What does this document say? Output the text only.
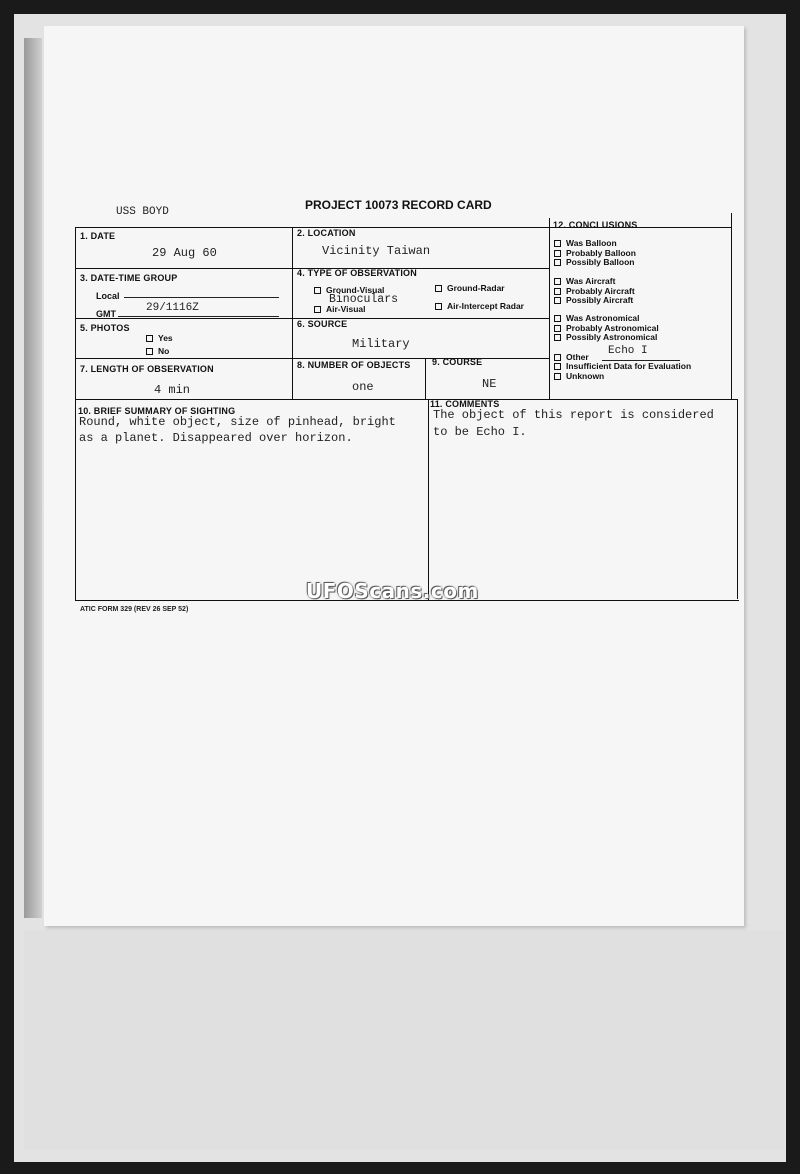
USS BOYD	PROJECT 10073 RECORD CARD
1. DATE
29 Aug 60
2. LOCATION
Vicinity Taiwan
3. DATE-TIME GROUP
Local
GMT	29/1116Z
4. TYPE OF OBSERVATION
Ground-Visual
Binoculars
Air-Visual
Ground-Radar
Air-Intercept Radar
5. PHOTOS
Yes
No
6. SOURCE
Military
7. LENGTH OF OBSERVATION
4 min
8. NUMBER OF OBJECTS
one
9. COURSE
NE
10. BRIEF SUMMARY OF SIGHTING
Round, white object, size of pinhead, bright
as a planet. Disappeared over horizon.
11. COMMENTS
The object of this report is considered
to be Echo I.
12. CONCLUSIONS
Was Balloon
Probably Balloon
Possibly Balloon
Was Aircraft
Probably Aircraft
Possibly Aircraft
Was Astronomical
Probably Astronomical
Possibly Astronomical
Other Echo I
Insufficient Data for Evaluation
Unknown
ATIC FORM 329 (REV 26 SEP 52)
UFOScans.com
